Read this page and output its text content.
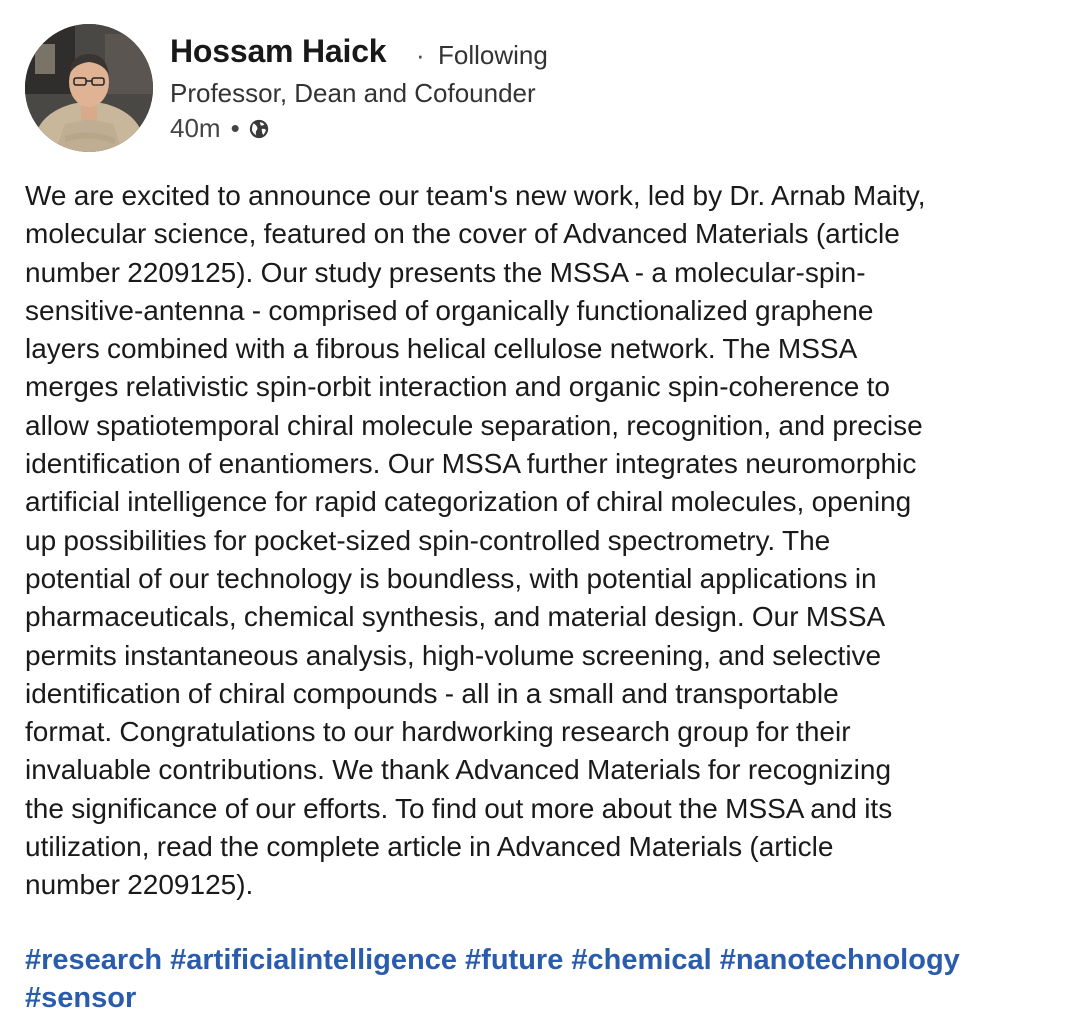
Hossam Haick · Following
Professor, Dean and Cofounder
40m •
We are excited to announce our team's new work, led by Dr. Arnab Maity,
molecular science, featured on the cover of Advanced Materials (article
number 2209125). Our study presents the MSSA - a molecular-spin-
sensitive-antenna - comprised of organically functionalized graphene
layers combined with a fibrous helical cellulose network. The MSSA
merges relativistic spin-orbit interaction and organic spin-coherence to
allow spatiotemporal chiral molecule separation, recognition, and precise
identification of enantiomers. Our MSSA further integrates neuromorphic
artificial intelligence for rapid categorization of chiral molecules, opening
up possibilities for pocket-sized spin-controlled spectrometry. The
potential of our technology is boundless, with potential applications in
pharmaceuticals, chemical synthesis, and material design. Our MSSA
permits instantaneous analysis, high-volume screening, and selective
identification of chiral compounds - all in a small and transportable
format. Congratulations to our hardworking research group for their
invaluable contributions. We thank Advanced Materials for recognizing
the significance of our efforts. To find out more about the MSSA and its
utilization, read the complete article in Advanced Materials (article
number 2209125).
#research #artificialintelligence #future #chemical #nanotechnology
#sensor
